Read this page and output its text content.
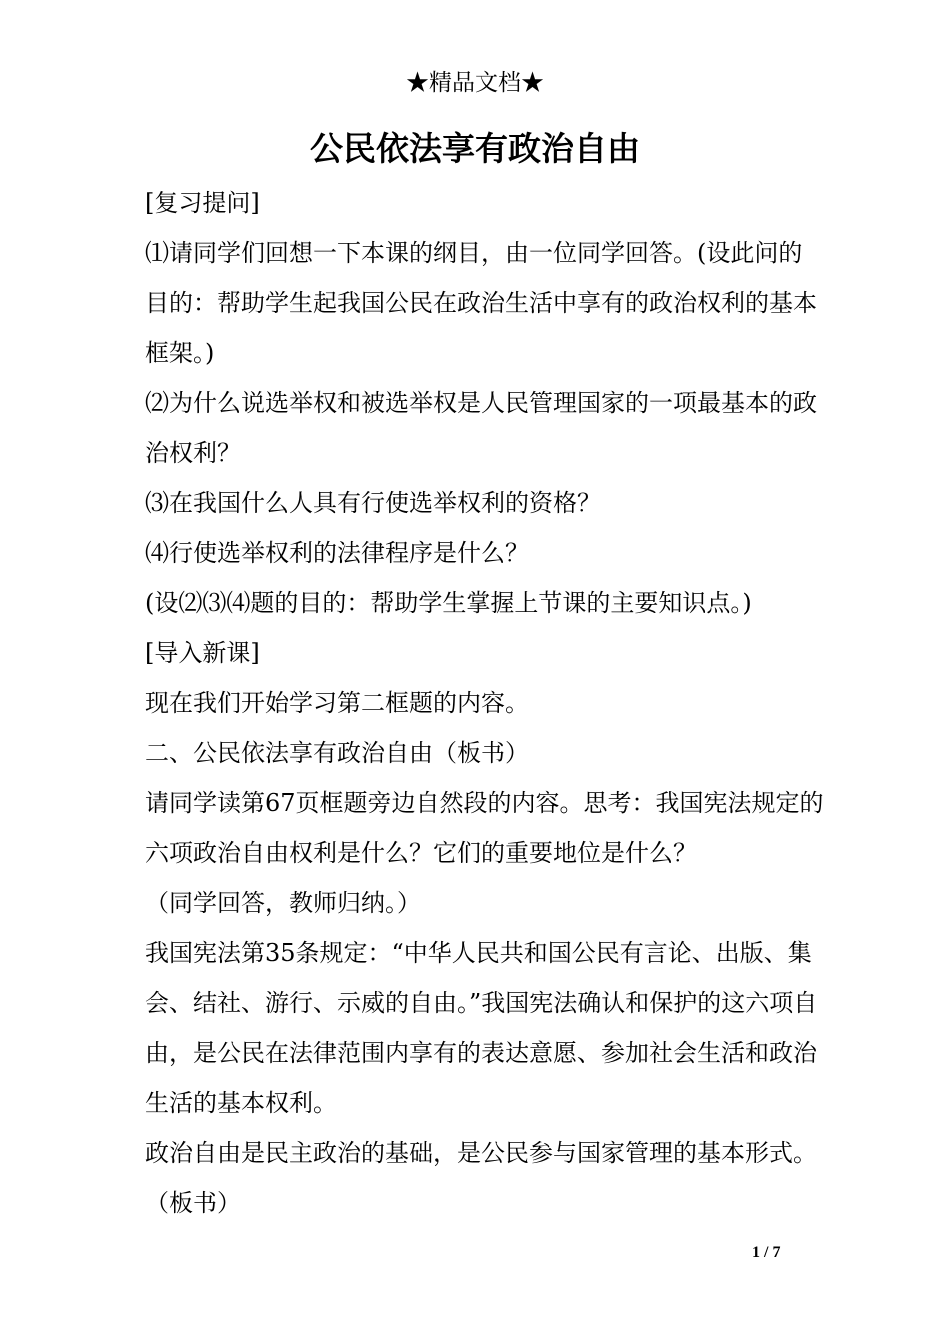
★精品文档★
公民依法享有政治自由

[复习提问]

⑴请同学们回想一下本课的纲目，由一位同学回答。(设此问的目的：帮助学生起我国公民在政治生活中享有的政治权利的基本框架。)

⑵为什么说选举权和被选举权是人民管理国家的一项最基本的政治权利？

⑶在我国什么人具有行使选举权利的资格？

⑷行使选举权利的法律程序是什么？

(设⑵⑶⑷题的目的：帮助学生掌握上节课的主要知识点。)

[导入新课]

现在我们开始学习第二框题的内容。

二、公民依法享有政治自由（板书）

请同学读第67页框题旁边自然段的内容。思考：我国宪法规定的六项政治自由权利是什么？它们的重要地位是什么？

（同学回答，教师归纳。）

我国宪法第35条规定：“中华人民共和国公民有言论、出版、集会、结社、游行、示威的自由。”我国宪法确认和保护的这六项自由，是公民在法律范围内享有的表达意愿、参加社会生活和政治生活的基本权利。

政治自由是民主政治的基础，是公民参与国家管理的基本形式。（板书）

1 / 7
